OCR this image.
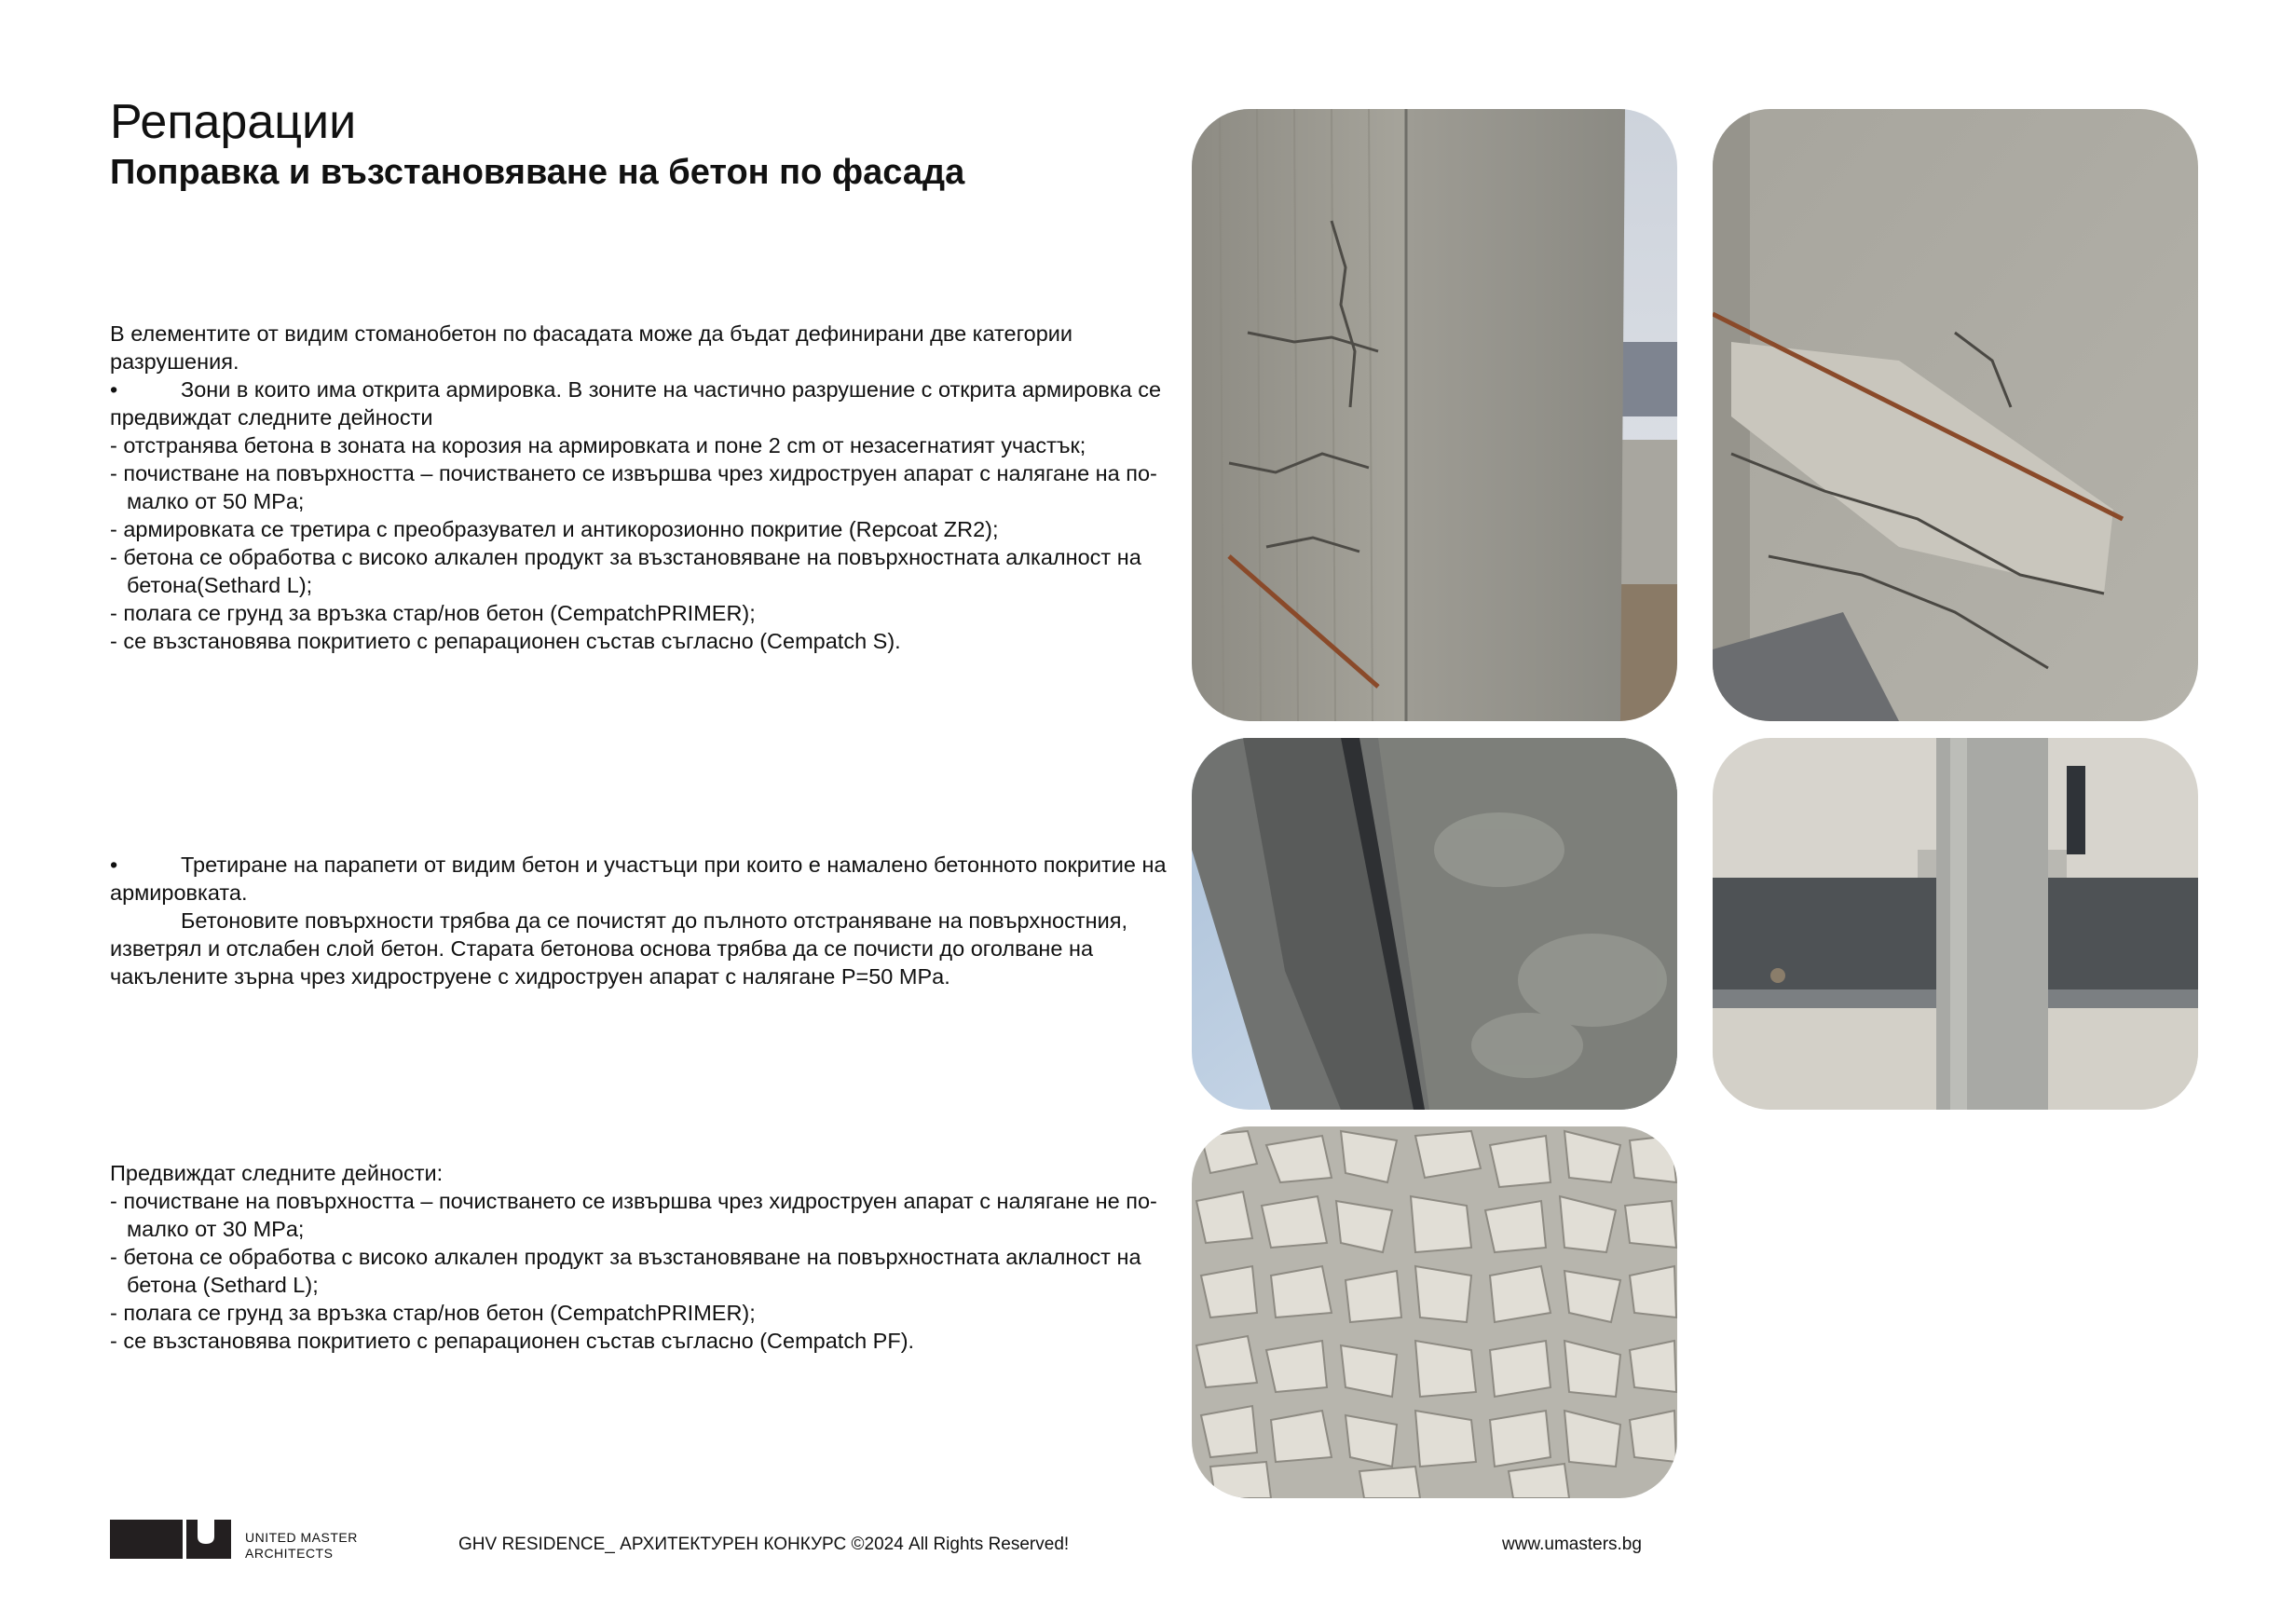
Репарации
Поправка и възстановяване на бетон по фасада

В елементите от видим стоманобетон по фасадата може да бъдат дефинирани две категории разрушения.

•	Зони в които има открита армировка. В зоните на частично разрушение с открита армировка се предвиждат следните дейности

- отстранява бетона в зоната на корозия на армировката и поне 2 cm от незасегнатият участък;

- почистване на повърхността – почистването се извършва чрез хидроструен апарат с налягане на по-малко от 50 MPa;

- армировката се третира с преобразувател и антикорозионно покритие (Repcoat ZR2);

- бетона се обработва с високо алкален продукт за възстановяване на повърхностната алкалност на бетона(Sethard L);

- полага се грунд за връзка стар/нов бетон (CempatchPRIMER);

- се възстановява покритието с репарационен състав съгласно (Cempatch S).

•	Третиране на парапети от видим бетон и участъци при които е намалено бетонното покритие на армировката.

Бетоновите повърхности трябва да се почистят до пълното отстраняване на повърхностния, изветрял и отслабен слой бетон. Старата бетонова основа трябва да се почисти до оголване на чакълените зърна чрез хидроструене с хидроструен апарат с налягане P=50 MPa.

Предвиждат следните дейности:

- почистване на повърхността – почистването се извършва чрез хидроструен апарат с налягане не по-малко от 30 MPa;

- бетона се обработва с високо алкален продукт за възстановяване на повърхностната аклалност на бетона (Sethard L);

- полага се грунд за връзка стар/нов бетон (CempatchPRIMER);

- се възстановява покритието с репарационен състав съгласно (Cempatch PF).

UNITED MASTER
ARCHITECTS	GHV RESIDENCE_ АРХИТЕКТУРЕН КОНКУРС ©2024 All Rights Reserved!	www.umasters.bg
